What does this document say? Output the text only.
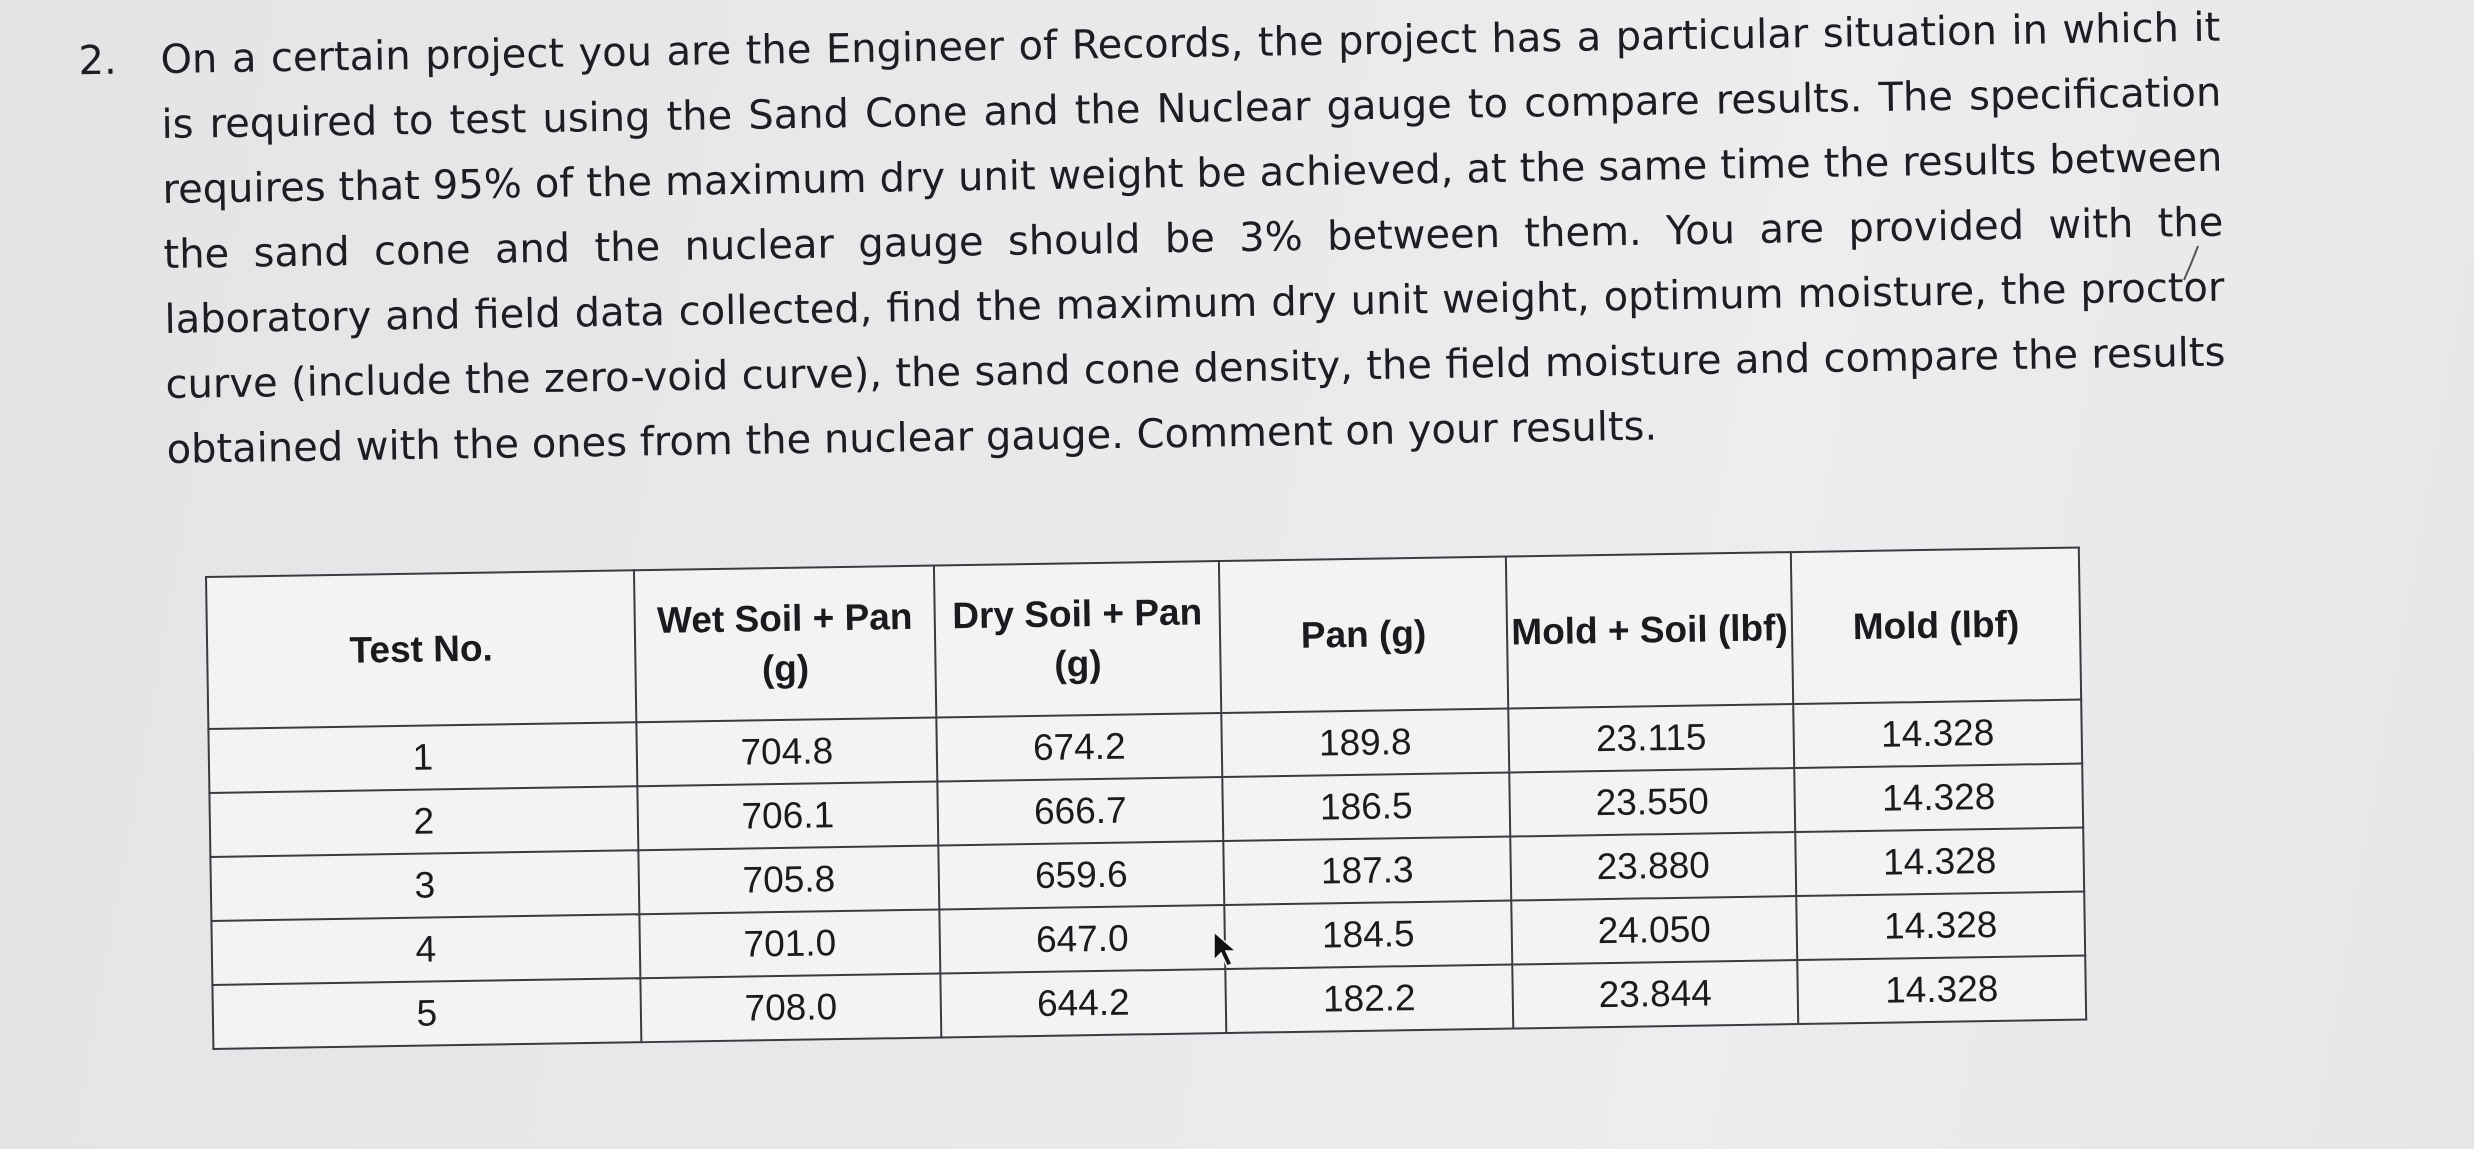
2. On a certain project you are the Engineer of Records, the project has a particular situation in which it is required to test using the Sand Cone and the Nuclear gauge to compare results. The specification requires that 95% of the maximum dry unit weight be achieved, at the same time the results between the sand cone and the nuclear gauge should be 3% between them. You are provided with the laboratory and field data collected, find the maximum dry unit weight, optimum moisture, the proctor curve (include the zero-void curve), the sand cone density, the field moisture and compare the results obtained with the ones from the nuclear gauge. Comment on your results.
Test No.	Wet Soil + Pan (g)	Dry Soil + Pan (g)	Pan (g)	Mold + Soil (lbf)	Mold (lbf)
1	704.8	674.2	189.8	23.115	14.328
2	706.1	666.7	186.5	23.550	14.328
3	705.8	659.6	187.3	23.880	14.328
4	701.0	647.0	184.5	24.050	14.328
5	708.0	644.2	182.2	23.844	14.328
